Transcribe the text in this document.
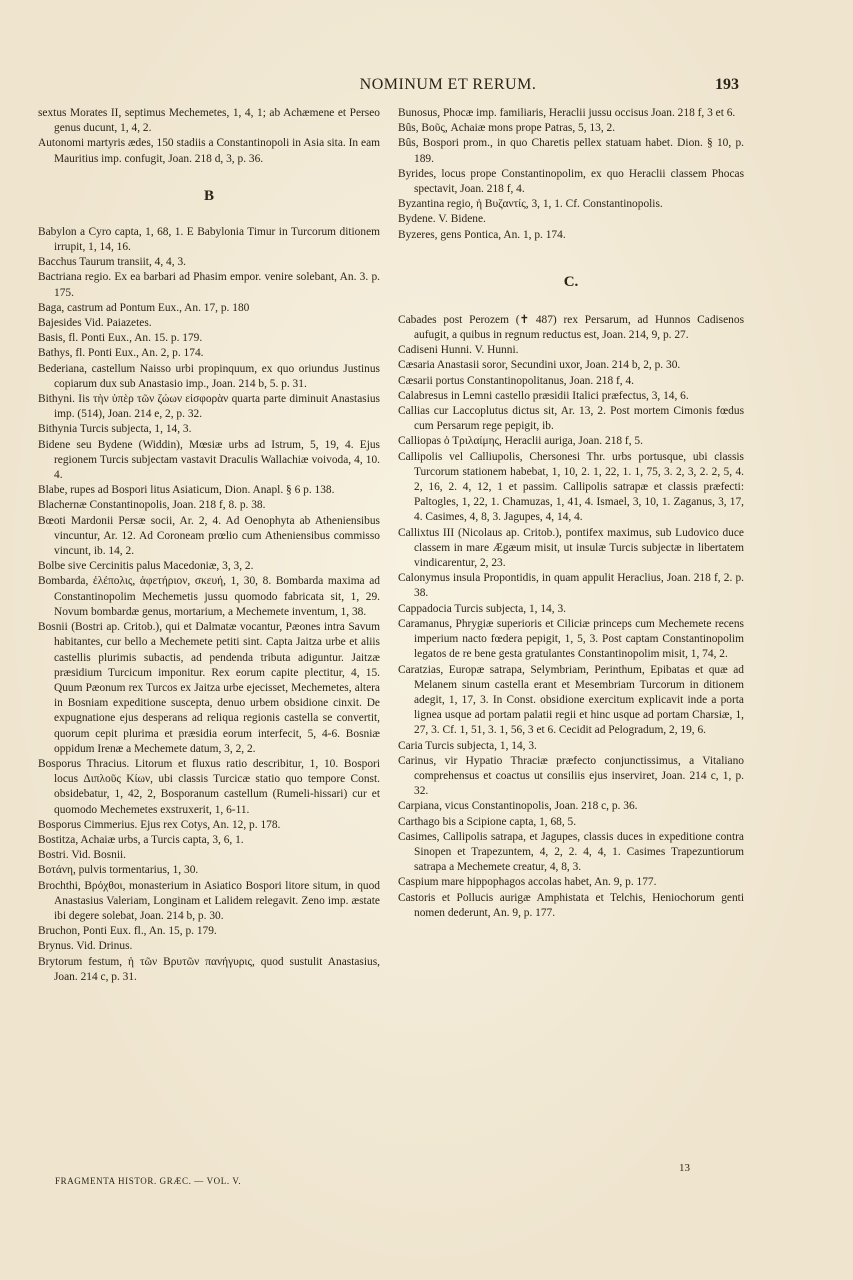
NOMINUM ET RERUM.	193

sextus Morates II, septimus Mechemetes, 1, 4, 1; ab Achæmene et Perseo genus ducunt, 1, 4, 2.

Autonomi martyris ædes, 150 stadiis a Constantinopoli in Asia sita. In eam Mauritius imp. confugit, Joan. 218 d, 3, p. 36.

B

Babylon a Cyro capta, 1, 68, 1. E Babylonia Timur in Turcorum ditionem irrupit, 1, 14, 16.

Bacchus Taurum transiit, 4, 4, 3.

Bactriana regio. Ex ea barbari ad Phasim empor. venire solebant, An. 3. p. 175.

Baga, castrum ad Pontum Eux., An. 17, p. 180

Bajesides Vid. Paiazetes.

Basis, fl. Ponti Eux., An. 15. p. 179.

Bathys, fl. Ponti Eux., An. 2, p. 174.

Bederiana, castellum Naisso urbi propinquum, ex quo oriundus Justinus copiarum dux sub Anastasio imp., Joan. 214 b, 5. p. 31.

Bithyni. Iis τὴν ὑπὲρ τῶν ζώων εἰσφορὰν quarta parte diminuit Anastasius imp. (514), Joan. 214 e, 2, p. 32.

Bithynia Turcis subjecta, 1, 14, 3.

Bidene seu Bydene (Widdin), Mœsiæ urbs ad Istrum, 5, 19, 4. Ejus regionem Turcis subjectam vastavit Draculis Wallachiæ voivoda, 4, 10. 4.

Blabe, rupes ad Bospori litus Asiaticum, Dion. Anapl. § 6 p. 138.

Blachernæ Constantinopolis, Joan. 218 f, 8. p. 38.

Bœoti Mardonii Persæ socii, Ar. 2, 4. Ad Oenophyta ab Atheniensibus vincuntur, Ar. 12. Ad Coroneam prœlio cum Atheniensibus commisso vincunt, ib. 14, 2.

Bolbe sive Cercinitis palus Macedoniæ, 3, 3, 2.

Bombarda, ἐλέπολις, ἀφετήριον, σκευή, 1, 30, 8. Bombarda maxima ad Constantinopolim Mechemetis jussu quomodo fabricata sit, 1, 29. Novum bombardæ genus, mortarium, a Mechemete inventum, 1, 38.

Bosnii (Bostri ap. Critob.), qui et Dalmatæ vocantur, Pæones intra Savum habitantes, cur bello a Mechemete petiti sint. Capta Jaitza urbe et aliis castellis plurimis subactis, ad pendenda tributa adiguntur. Jaitzæ præsidium Turcicum imponitur. Rex eorum capite plectitur, 4, 15. Quum Pæonum rex Turcos ex Jaitza urbe ejecisset, Mechemetes, altera in Bosniam expeditione suscepta, denuo urbem obsidione cinxit. De expugnatione ejus desperans ad reliqua regionis castella se convertit, quorum cepit plurima et præsidia eorum interfecit, 5, 4-6. Bosniæ oppidum Irenæ a Mechemete datum, 3, 2, 2.

Bosporus Thracius. Litorum et fluxus ratio describitur, 1, 10. Bospori locus Διπλοῦς Κίων, ubi classis Turcicæ statio quo tempore Const. obsidebatur, 1, 42, 2, Bosporanum castellum (Rumeli-hissari) cur et quomodo Mechemetes exstruxerit, 1, 6-11.

Bosporus Cimmerius. Ejus rex Cotys, An. 12, p. 178.

Bostitza, Achaiæ urbs, a Turcis capta, 3, 6, 1.

Bostri. Vid. Bosnii.

Βοτάνη, pulvis tormentarius, 1, 30.

Brochthi, Βρόχθοι, monasterium in Asiatico Bospori litore situm, in quod Anastasius Valeriam, Longinam et Lalidem relegavit. Zeno imp. æstate ibi degere solebat, Joan. 214 b, p. 30.

Bruchon, Ponti Eux. fl., An. 15, p. 179.

Brynus. Vid. Drinus.

Brytorum festum, ἡ τῶν Βρυτῶν πανήγυρις, quod sustulit Anastasius, Joan. 214 c, p. 31.

Bunosus, Phocæ imp. familiaris, Heraclii jussu occisus Joan. 218 f, 3 et 6.

Bûs, Βοῦς, Achaiæ mons prope Patras, 5, 13, 2.

Bûs, Bospori prom., in quo Charetis pellex statuam habet. Dion. § 10, p. 189.

Byrides, locus prope Constantinopolim, ex quo Heraclii classem Phocas spectavit, Joan. 218 f, 4.

Byzantina regio, ἡ Βυζαντίς, 3, 1, 1. Cf. Constantinopolis.

Bydene. V. Bidene.

Byzeres, gens Pontica, An. 1, p. 174.

C.

Cabades post Perozem (✝ 487) rex Persarum, ad Hunnos Cadisenos aufugit, a quibus in regnum reductus est, Joan. 214, 9, p. 27.

Cadiseni Hunni. V. Hunni.

Cæsaria Anastasii soror, Secundini uxor, Joan. 214 b, 2, p. 30.

Cæsarii portus Constantinopolitanus, Joan. 218 f, 4.

Calabresus in Lemni castello præsidii Italici præfectus, 3, 14, 6.

Callias cur Laccoplutus dictus sit, Ar. 13, 2. Post mortem Cimonis fœdus cum Persarum rege pepigit, ib.

Calliopas ὁ Τριλαίμης, Heraclii auriga, Joan. 218 f, 5.

Callipolis vel Calliupolis, Chersonesi Thr. urbs portusque, ubi classis Turcorum stationem habebat, 1, 10, 2. 1, 22, 1. 1, 75, 3. 2, 3, 2. 2, 5, 4. 2, 16, 2. 4, 12, 1 et passim. Callipolis satrapæ et classis præfecti: Paltogles, 1, 22, 1. Chamuzas, 1, 41, 4. Ismael, 3, 10, 1. Zaganus, 3, 17, 4. Casimes, 4, 8, 3. Jagupes, 4, 14, 4.

Callixtus III (Nicolaus ap. Critob.), pontifex maximus, sub Ludovico duce classem in mare Ægæum misit, ut insulæ Turcis subjectæ in libertatem vindicarentur, 2, 23.

Calonymus insula Propontidis, in quam appulit Heraclius, Joan. 218 f, 2. p. 38.

Cappadocia Turcis subjecta, 1, 14, 3.

Caramanus, Phrygiæ superioris et Ciliciæ princeps cum Mechemete recens imperium nacto fœdera pepigit, 1, 5, 3. Post captam Constantinopolim legatos de re bene gesta gratulantes Constantinopolim misit, 1, 74, 2.

Caratzias, Europæ satrapa, Selymbriam, Perinthum, Epibatas et quæ ad Melanem sinum castella erant et Mesembriam Turcorum in ditionem adegit, 1, 17, 3. In Const. obsidione exercitum explicavit inde a porta lignea usque ad portam palatii regii et hinc usque ad portam Charsiæ, 1, 27, 3. Cf. 1, 51, 3. 1, 56, 3 et 6. Cecidit ad Pelogradum, 2, 19, 6.

Caria Turcis subjecta, 1, 14, 3.

Carinus, vir Hypatio Thraciæ præfecto conjunctissimus, a Vitaliano comprehensus et coactus ut consiliis ejus inserviret, Joan. 214 c, 1, p. 32.

Carpiana, vicus Constantinopolis, Joan. 218 c, p. 36.

Carthago bis a Scipione capta, 1, 68, 5.

Casimes, Callipolis satrapa, et Jagupes, classis duces in expeditione contra Sinopen et Trapezuntem, 4, 2, 2. 4, 4, 1. Casimes Trapezuntiorum satrapa a Mechemete creatur, 4, 8, 3.

Caspium mare hippophagos accolas habet, An. 9, p. 177.

Castoris et Pollucis aurigæ Amphistata et Telchis, Heniochorum genti nomen dederunt, An. 9, p. 177.

FRAGMENTA HISTOR. GRÆC. — VOL. V.
13
